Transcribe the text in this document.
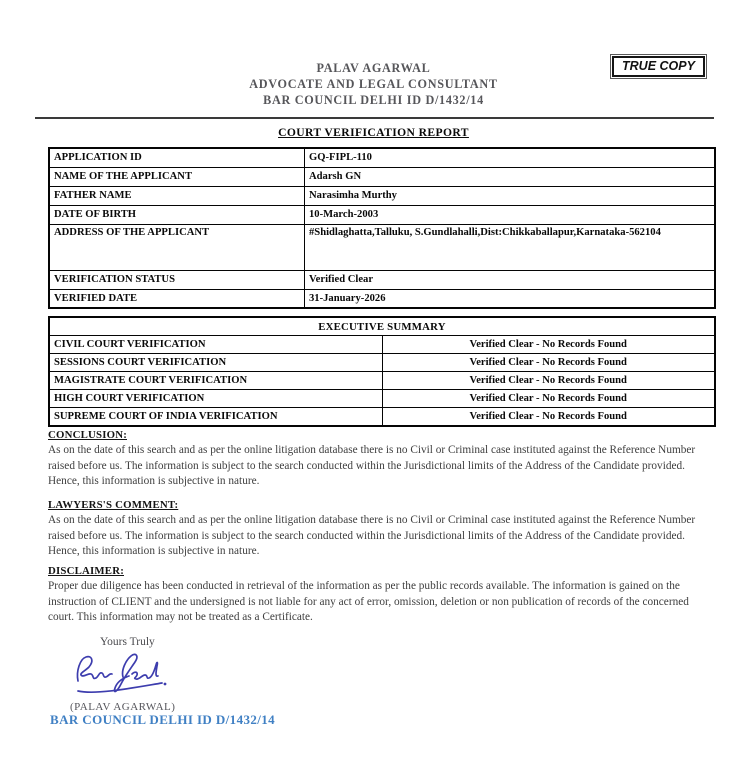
PALAV AGARWAL
ADVOCATE AND LEGAL CONSULTANT
BAR COUNCIL DELHI ID D/1432/14
TRUE COPY
COURT VERIFICATION REPORT
APPLICATION ID	GQ-FIPL-110
NAME OF THE APPLICANT	Adarsh GN
FATHER NAME	Narasimha Murthy
DATE OF BIRTH	10-March-2003
ADDRESS OF THE APPLICANT	#Shidlaghatta,Talluku, S.Gundlahalli,Dist:Chikkaballapur,Karnataka-562104
VERIFICATION STATUS	Verified Clear
VERIFIED DATE	31-January-2026
EXECUTIVE SUMMARY	
CIVIL COURT VERIFICATION	Verified Clear - No Records Found
SESSIONS COURT VERIFICATION	Verified Clear - No Records Found
MAGISTRATE COURT VERIFICATION	Verified Clear - No Records Found
HIGH COURT VERIFICATION	Verified Clear - No Records Found
SUPREME COURT OF INDIA VERIFICATION	Verified Clear - No Records Found
CONCLUSION:
As on the date of this search and as per the online litigation database there is no Civil or Criminal case instituted against the Reference Number raised before us. The information is subject to the search conducted within the Jurisdictional limits of the Address of the Candidate provided. Hence, this information is subjective in nature.
LAWYERS'S COMMENT:
As on the date of this search and as per the online litigation database there is no Civil or Criminal case instituted against the Reference Number raised before us. The information is subject to the search conducted within the Jurisdictional limits of the Address of the Candidate provided. Hence, this information is subjective in nature.
DISCLAIMER:
Proper due diligence has been conducted in retrieval of the information as per the public records available. The information is gained on the instruction of CLIENT and the undersigned is not liable for any act of error, omission, deletion or non publication of records of the concerned court. This information may not be treated as a Certificate.
Yours Truly
(PALAV AGARWAL)
BAR COUNCIL DELHI ID D/1432/14
